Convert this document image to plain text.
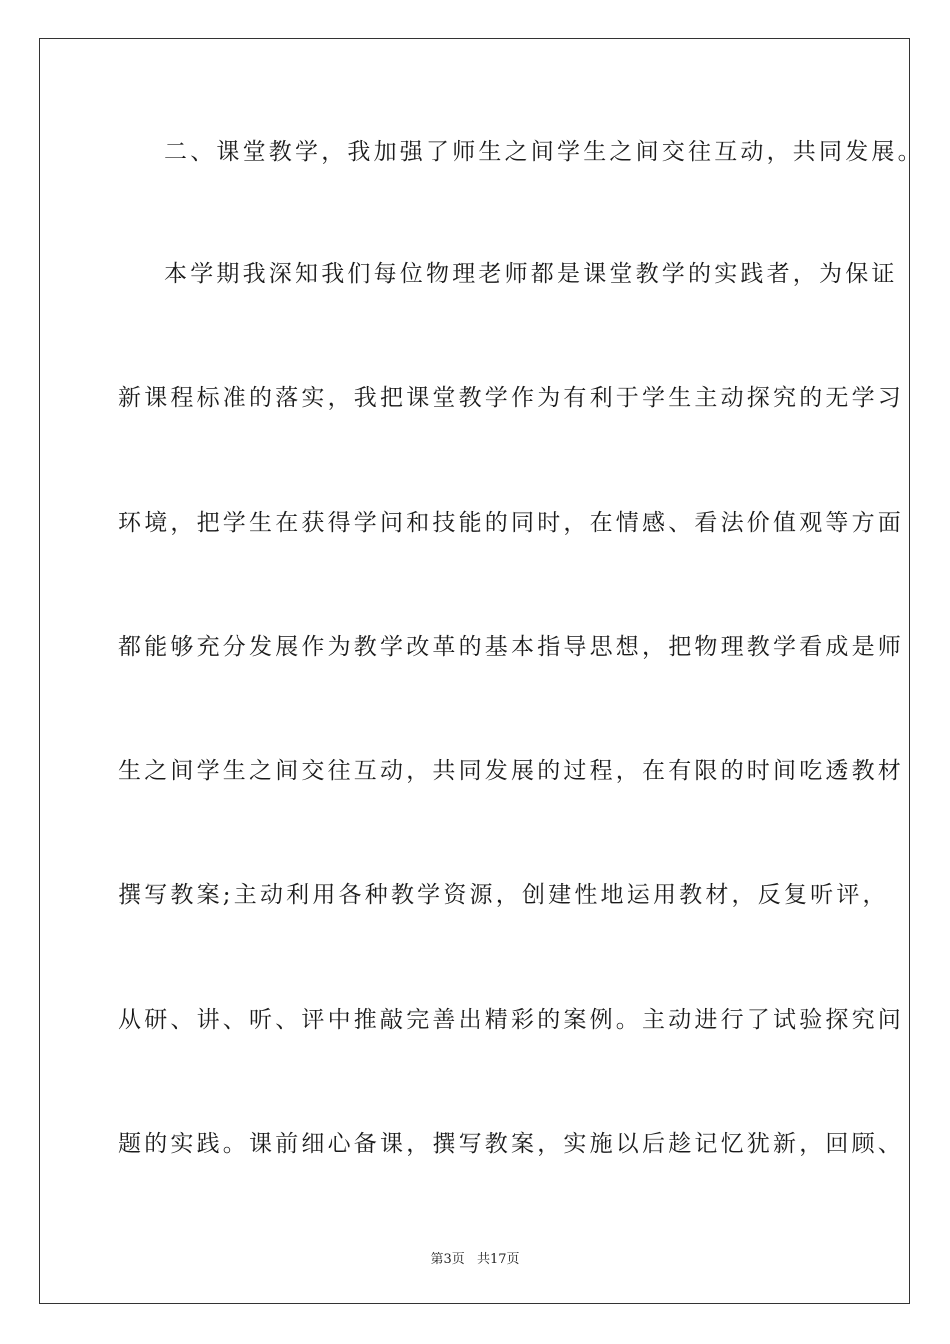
二、课堂教学，我加强了师生之间学生之间交往互动，共同发展。
本学期我深知我们每位物理老师都是课堂教学的实践者，为保证
新课程标准的落实，我把课堂教学作为有利于学生主动探究的无学习
环境，把学生在获得学问和技能的同时，在情感、看法价值观等方面
都能够充分发展作为教学改革的基本指导思想，把物理教学看成是师
生之间学生之间交往互动，共同发展的过程，在有限的时间吃透教材
撰写教案;主动利用各种教学资源，创建性地运用教材，反复听评，
从研、讲、听、评中推敲完善出精彩的案例。主动进行了试验探究问
题的实践。课前细心备课，撰写教案，实施以后趁记忆犹新，回顾、
第3页 共17页
